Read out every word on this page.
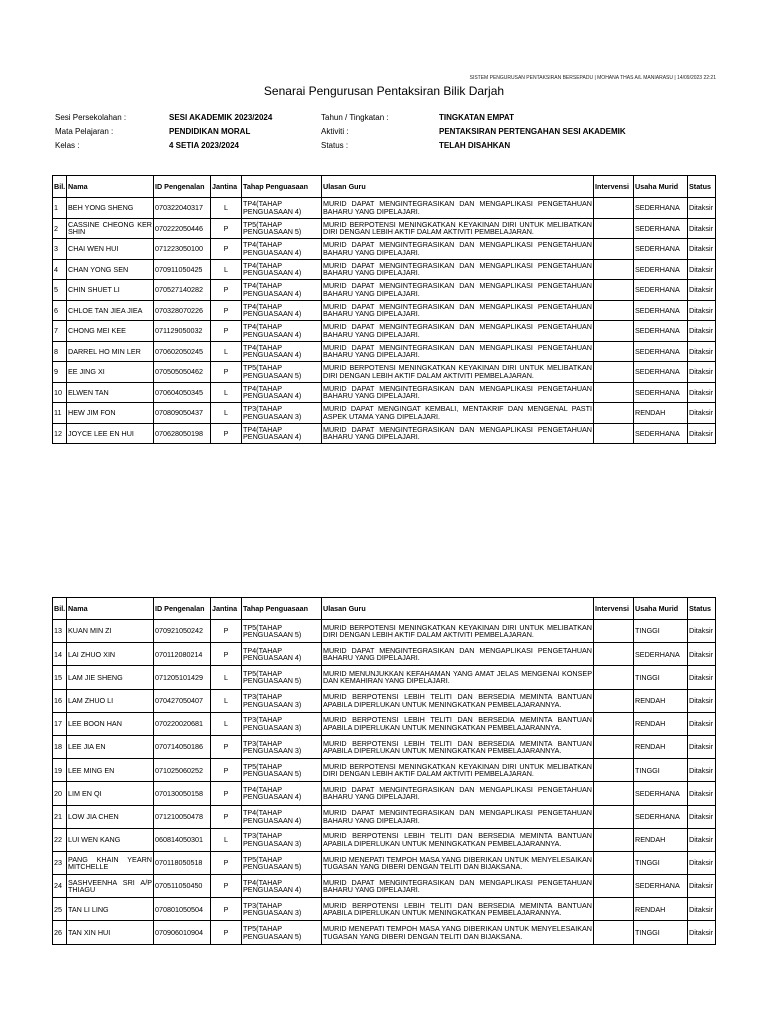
SISTEM PENGURUSAN PENTAKSIRAN BERSEPADU | MOHANA THAS A/L MANIARASU | 14/09/2023 22:21
Senarai Pengurusan Pentaksiran Bilik Darjah
Sesi Persekolahan :	SESI AKADEMIK 2023/2024	Tahun / Tingkatan :	TINGKATAN EMPAT
Mata Pelajaran :	PENDIDIKAN MORAL	Aktiviti :	PENTAKSIRAN PERTENGAHAN SESI AKADEMIK
Kelas :	4 SETIA 2023/2024	Status :	TELAH DISAHKAN
Bil.	Nama	ID Pengenalan	Jantina	Tahap Penguasaan	Ulasan Guru	Intervensi	Usaha Murid	Status
1	BEH YONG SHENG	070322040317	L	TP4(TAHAP PENGUASAAN 4)	MURID DAPAT MENGINTEGRASIKAN DAN MENGAPLIKASI PENGETAHUAN BAHARU YANG DIPELAJARI.		SEDERHANA	Ditaksir
2	CASSINE CHEONG KER SHIN	070222050446	P	TP5(TAHAP PENGUASAAN 5)	MURID BERPOTENSI MENINGKATKAN KEYAKINAN DIRI UNTUK MELIBATKAN DIRI DENGAN LEBIH AKTIF DALAM AKTIVITI PEMBELAJARAN.		SEDERHANA	Ditaksir
3	CHAI WEN HUI	071223050100	P	TP4(TAHAP PENGUASAAN 4)	MURID DAPAT MENGINTEGRASIKAN DAN MENGAPLIKASI PENGETAHUAN BAHARU YANG DIPELAJARI.		SEDERHANA	Ditaksir
4	CHAN YONG SEN	070911050425	L	TP4(TAHAP PENGUASAAN 4)	MURID DAPAT MENGINTEGRASIKAN DAN MENGAPLIKASI PENGETAHUAN BAHARU YANG DIPELAJARI.		SEDERHANA	Ditaksir
5	CHIN SHUET LI	070527140282	P	TP4(TAHAP PENGUASAAN 4)	MURID DAPAT MENGINTEGRASIKAN DAN MENGAPLIKASI PENGETAHUAN BAHARU YANG DIPELAJARI.		SEDERHANA	Ditaksir
6	CHLOE TAN JIEA JIEA	070328070226	P	TP4(TAHAP PENGUASAAN 4)	MURID DAPAT MENGINTEGRASIKAN DAN MENGAPLIKASI PENGETAHUAN BAHARU YANG DIPELAJARI.		SEDERHANA	Ditaksir
7	CHONG MEI KEE	071129050032	P	TP4(TAHAP PENGUASAAN 4)	MURID DAPAT MENGINTEGRASIKAN DAN MENGAPLIKASI PENGETAHUAN BAHARU YANG DIPELAJARI.		SEDERHANA	Ditaksir
8	DARREL HO MIN LER	070602050245	L	TP4(TAHAP PENGUASAAN 4)	MURID DAPAT MENGINTEGRASIKAN DAN MENGAPLIKASI PENGETAHUAN BAHARU YANG DIPELAJARI.		SEDERHANA	Ditaksir
9	EE JING XI	070505050462	P	TP5(TAHAP PENGUASAAN 5)	MURID BERPOTENSI MENINGKATKAN KEYAKINAN DIRI UNTUK MELIBATKAN DIRI DENGAN LEBIH AKTIF DALAM AKTIVITI PEMBELAJARAN.		SEDERHANA	Ditaksir
10	ELWEN TAN	070604050345	L	TP4(TAHAP PENGUASAAN 4)	MURID DAPAT MENGINTEGRASIKAN DAN MENGAPLIKASI PENGETAHUAN BAHARU YANG DIPELAJARI.		SEDERHANA	Ditaksir
11	HEW JIM FON	070809050437	L	TP3(TAHAP PENGUASAAN 3)	MURID DAPAT MENGINGAT KEMBALI, MENTAKRIF DAN MENGENAL PASTI ASPEK UTAMA YANG DIPELAJARI.		RENDAH	Ditaksir
12	JOYCE LEE EN HUI	070628050198	P	TP4(TAHAP PENGUASAAN 4)	MURID DAPAT MENGINTEGRASIKAN DAN MENGAPLIKASI PENGETAHUAN BAHARU YANG DIPELAJARI.		SEDERHANA	Ditaksir
Bil.	Nama	ID Pengenalan	Jantina	Tahap Penguasaan	Ulasan Guru	Intervensi	Usaha Murid	Status
13	KUAN MIN ZI	070921050242	P	TP5(TAHAP PENGUASAAN 5)	MURID BERPOTENSI MENINGKATKAN KEYAKINAN DIRI UNTUK MELIBATKAN DIRI DENGAN LEBIH AKTIF DALAM AKTIVITI PEMBELAJARAN.		TINGGI	Ditaksir
14	LAI ZHUO XIN	070112080214	P	TP4(TAHAP PENGUASAAN 4)	MURID DAPAT MENGINTEGRASIKAN DAN MENGAPLIKASI PENGETAHUAN BAHARU YANG DIPELAJARI.		SEDERHANA	Ditaksir
15	LAM JIE SHENG	071205101429	L	TP5(TAHAP PENGUASAAN 5)	MURID MENUNJUKKAN KEFAHAMAN YANG AMAT JELAS MENGENAI KONSEP DAN KEMAHIRAN YANG DIPELAJARI.		TINGGI	Ditaksir
16	LAM ZHUO LI	070427050407	L	TP3(TAHAP PENGUASAAN 3)	MURID BERPOTENSI LEBIH TELITI DAN BERSEDIA MEMINTA BANTUAN APABILA DIPERLUKAN UNTUK MENINGKATKAN PEMBELAJARANNYA.		RENDAH	Ditaksir
17	LEE BOON HAN	070220020681	L	TP3(TAHAP PENGUASAAN 3)	MURID BERPOTENSI LEBIH TELITI DAN BERSEDIA MEMINTA BANTUAN APABILA DIPERLUKAN UNTUK MENINGKATKAN PEMBELAJARANNYA.		RENDAH	Ditaksir
18	LEE JIA EN	070714050186	P	TP3(TAHAP PENGUASAAN 3)	MURID BERPOTENSI LEBIH TELITI DAN BERSEDIA MEMINTA BANTUAN APABILA DIPERLUKAN UNTUK MENINGKATKAN PEMBELAJARANNYA.		RENDAH	Ditaksir
19	LEE MING EN	071025060252	P	TP5(TAHAP PENGUASAAN 5)	MURID BERPOTENSI MENINGKATKAN KEYAKINAN DIRI UNTUK MELIBATKAN DIRI DENGAN LEBIH AKTIF DALAM AKTIVITI PEMBELAJARAN.		TINGGI	Ditaksir
20	LIM EN QI	070130050158	P	TP4(TAHAP PENGUASAAN 4)	MURID DAPAT MENGINTEGRASIKAN DAN MENGAPLIKASI PENGETAHUAN BAHARU YANG DIPELAJARI.		SEDERHANA	Ditaksir
21	LOW JIA CHEN	071210050478	P	TP4(TAHAP PENGUASAAN 4)	MURID DAPAT MENGINTEGRASIKAN DAN MENGAPLIKASI PENGETAHUAN BAHARU YANG DIPELAJARI.		SEDERHANA	Ditaksir
22	LUI WEN KANG	060814050301	L	TP3(TAHAP PENGUASAAN 3)	MURID BERPOTENSI LEBIH TELITI DAN BERSEDIA MEMINTA BANTUAN APABILA DIPERLUKAN UNTUK MENINGKATKAN PEMBELAJARANNYA.		RENDAH	Ditaksir
23	PANG KHAIN YEARN MITCHELLE	070118050518	P	TP5(TAHAP PENGUASAAN 5)	MURID MENEPATI TEMPOH MASA YANG DIBERIKAN UNTUK MENYELESAIKAN TUGASAN YANG DIBERI DENGAN TELITI DAN BIJAKSANA.		TINGGI	Ditaksir
24	SASHVEENHA SRI A/P THIAGU	070511050450	P	TP4(TAHAP PENGUASAAN 4)	MURID DAPAT MENGINTEGRASIKAN DAN MENGAPLIKASI PENGETAHUAN BAHARU YANG DIPELAJARI.		SEDERHANA	Ditaksir
25	TAN LI LING	070801050504	P	TP3(TAHAP PENGUASAAN 3)	MURID BERPOTENSI LEBIH TELITI DAN BERSEDIA MEMINTA BANTUAN APABILA DIPERLUKAN UNTUK MENINGKATKAN PEMBELAJARANNYA.		RENDAH	Ditaksir
26	TAN XIN HUI	070906010904	P	TP5(TAHAP PENGUASAAN 5)	MURID MENEPATI TEMPOH MASA YANG DIBERIKAN UNTUK MENYELESAIKAN TUGASAN YANG DIBERI DENGAN TELITI DAN BIJAKSANA.		TINGGI	Ditaksir
